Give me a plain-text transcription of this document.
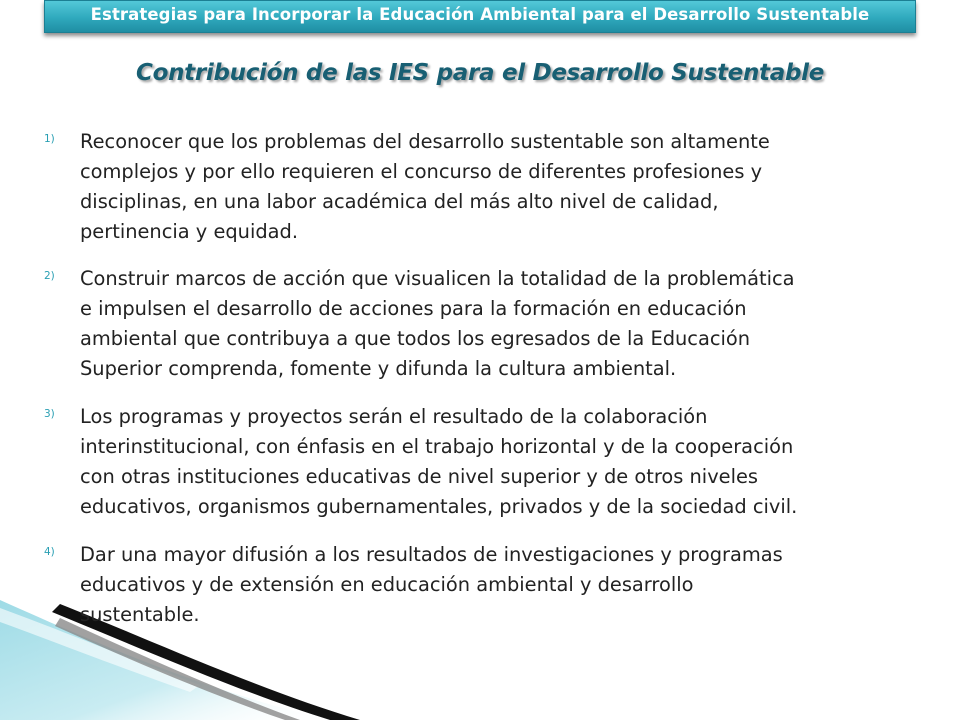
Estrategias para Incorporar la Educación Ambiental para el Desarrollo Sustentable
Contribución de las IES para el Desarrollo Sustentable
1)	Reconocer que los problemas del desarrollo sustentable son altamente
complejos y por ello requieren el concurso de diferentes profesiones y
disciplinas, en una labor académica del más alto nivel de calidad,
pertinencia y equidad.
2)	Construir marcos de acción que visualicen la totalidad de la problemática
e impulsen el desarrollo de acciones para la formación en educación
ambiental que contribuya a que todos los egresados de la Educación
Superior comprenda, fomente y difunda la cultura ambiental.
3)	Los programas y proyectos serán el resultado de la colaboración
interinstitucional, con énfasis en el trabajo horizontal y de la cooperación
con otras instituciones educativas de nivel superior y de otros niveles
educativos, organismos gubernamentales, privados y de la sociedad civil.
4)	Dar una mayor difusión a los resultados de investigaciones y programas
educativos y de extensión en educación ambiental y desarrollo
sustentable.
